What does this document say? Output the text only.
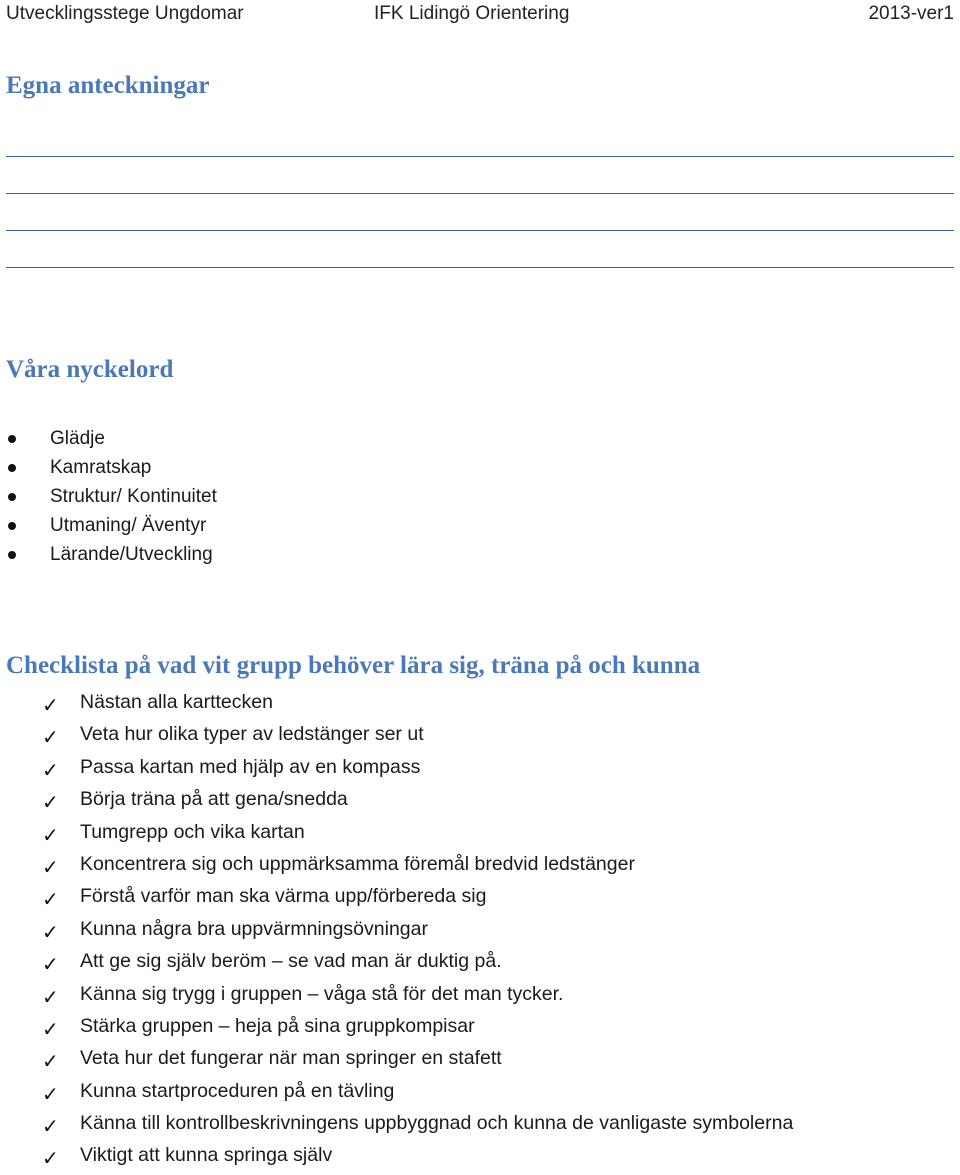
Utvecklingsstege Ungdomar	IFK Lidingö Orientering	2013-ver1
Egna anteckningar
Våra nyckelord
Glädje
Kamratskap
Struktur/ Kontinuitet
Utmaning/ Äventyr
Lärande/Utveckling
Checklista på vad vit grupp behöver lära sig, träna på och kunna
✓ Nästan alla karttecken
✓ Veta hur olika typer av ledstänger ser ut
✓ Passa kartan med hjälp av en kompass
✓ Börja träna på att gena/snedda
✓ Tumgrepp och vika kartan
✓ Koncentrera sig och uppmärksamma föremål bredvid ledstänger
✓ Förstå varför man ska värma upp/förbereda sig
✓ Kunna några bra uppvärmningsövningar
✓ Att ge sig själv beröm – se vad man är duktig på.
✓ Känna sig trygg i gruppen – våga stå för det man tycker.
✓ Stärka gruppen – heja på sina gruppkompisar
✓ Veta hur det fungerar när man springer en stafett
✓ Kunna startproceduren på en tävling
✓ Känna till kontrollbeskrivningens uppbyggnad och kunna de vanligaste symbolerna
✓ Viktigt att kunna springa själv
